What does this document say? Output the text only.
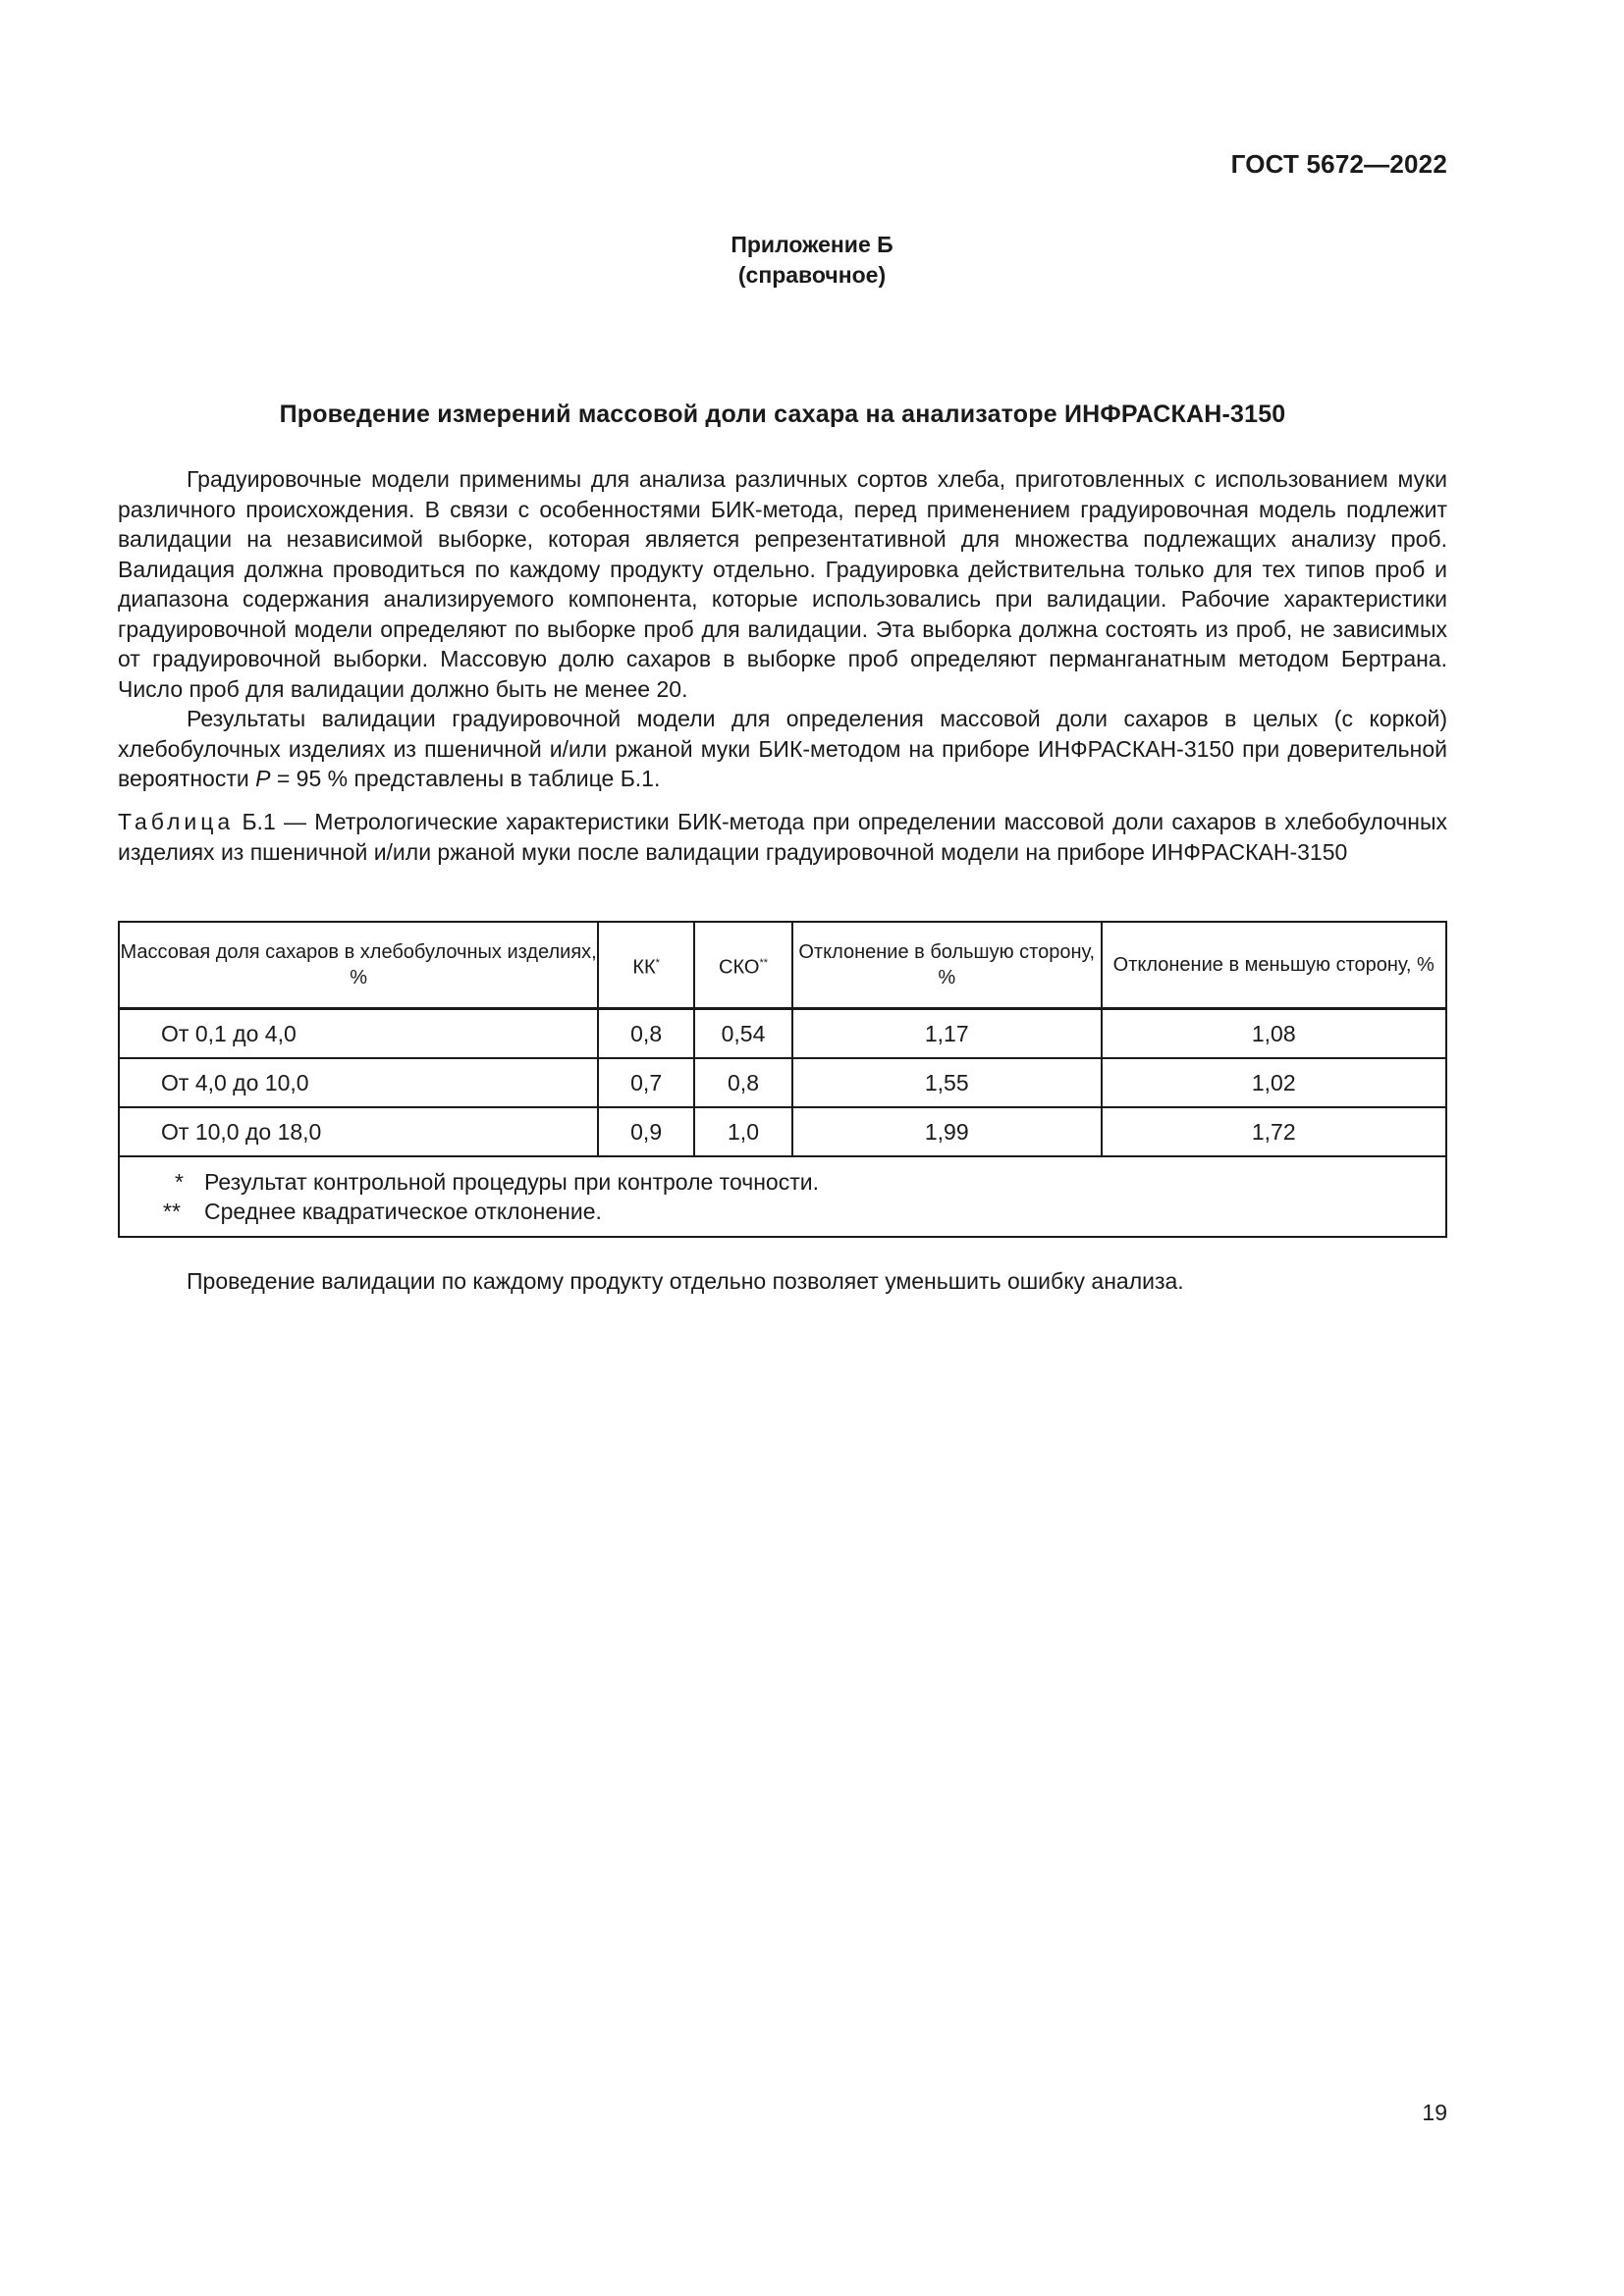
ГОСТ 5672—2022
Приложение Б
(справочное)
Проведение измерений массовой доли сахара на анализаторе ИНФРАСКАН-3150

Градуировочные модели применимы для анализа различных сортов хлеба, приготовленных с использованием муки различного происхождения. В связи с особенностями БИК-метода, перед применением градуировочная модель подлежит валидации на независимой выборке, которая является репрезентативной для множества подлежащих анализу проб. Валидация должна проводиться по каждому продукту отдельно. Градуировка действительна только для тех типов проб и диапазона содержания анализируемого компонента, которые использовались при валидации. Рабочие характеристики градуировочной модели определяют по выборке проб для валидации. Эта выборка должна состоять из проб, не зависимых от градуировочной выборки. Массовую долю сахаров в выборке проб определяют перманганатным методом Бертрана. Число проб для валидации должно быть не менее 20.

Результаты валидации градуировочной модели для определения массовой доли сахаров в целых (с коркой) хлебобулочных изделиях из пшеничной и/или ржаной муки БИК-методом на приборе ИНФРАСКАН-3150 при доверительной вероятности P = 95 % представлены в таблице Б.1.

Таблица Б.1 — Метрологические характеристики БИК-метода при определении массовой доли сахаров в хлебобулочных изделиях из пшеничной и/или ржаной муки после валидации градуировочной модели на приборе ИНФРАСКАН-3150
Массовая доля сахаров в хлебобулочных изделиях, %	КК*	СКО**	Отклонение в большую сторону, %	Отклонение в меньшую сторону, %
От 0,1 до 4,0	0,8	0,54	1,17	1,08
От 4,0 до 10,0	0,7	0,8	1,55	1,02
От 10,0 до 18,0	0,9	1,0	1,99	1,72

* Результат контрольной процедуры при контроле точности.
** Среднее квадратическое отклонение.				
Проведение валидации по каждому продукту отдельно позволяет уменьшить ошибку анализа.
19
